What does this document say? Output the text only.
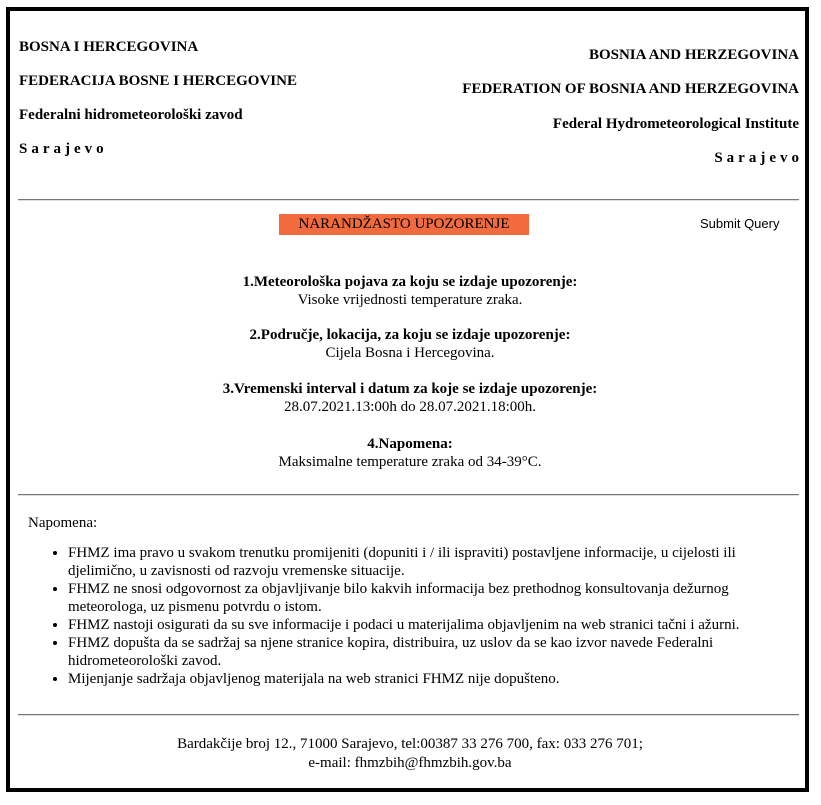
BOSNA I HERCEGOVINA
FEDERACIJA BOSNE I HERCEGOVINE
Federalni hidrometeorološki zavod
Sarajevo
BOSNIA AND HERZEGOVINA
FEDERATION OF BOSNIA AND HERZEGOVINA
Federal Hydrometeorological Institute
Sarajevo
NARANDŽASTO UPOZORENJE	Submit Query
1.Meteorološka pojava za koju se izdaje upozorenje:
Visoke vrijednosti temperature zraka.
2.Područje, lokacija, za koju se izdaje upozorenje:
Cijela Bosna i Hercegovina.
3.Vremenski interval i datum za koje se izdaje upozorenje:
28.07.2021.13:00h do 28.07.2021.18:00h.
4.Napomena:
Maksimalne temperature zraka od 34-39°C.
Napomena:
• FHMZ ima pravo u svakom trenutku promijeniti (dopuniti i / ili ispraviti) postavljene informacije, u cijelosti ili djelimično, u zavisnosti od razvoju vremenske situacije.
• FHMZ ne snosi odgovornost za objavljivanje bilo kakvih informacija bez prethodnog konsultovanja dežurnog meteorologa, uz pismenu potvrdu o istom.
• FHMZ nastoji osigurati da su sve informacije i podaci u materijalima objavljenim na web stranici tačni i ažurni.
• FHMZ dopušta da se sadržaj sa njene stranice kopira, distribuira, uz uslov da se kao izvor navede Federalni hidrometeorološki zavod.
• Mijenjanje sadržaja objavljenog materijala na web stranici FHMZ nije dopušteno.
Bardakčije broj 12., 71000 Sarajevo, tel:00387 33 276 700, fax: 033 276 701;
e-mail: fhmzbih@fhmzbih.gov.ba
